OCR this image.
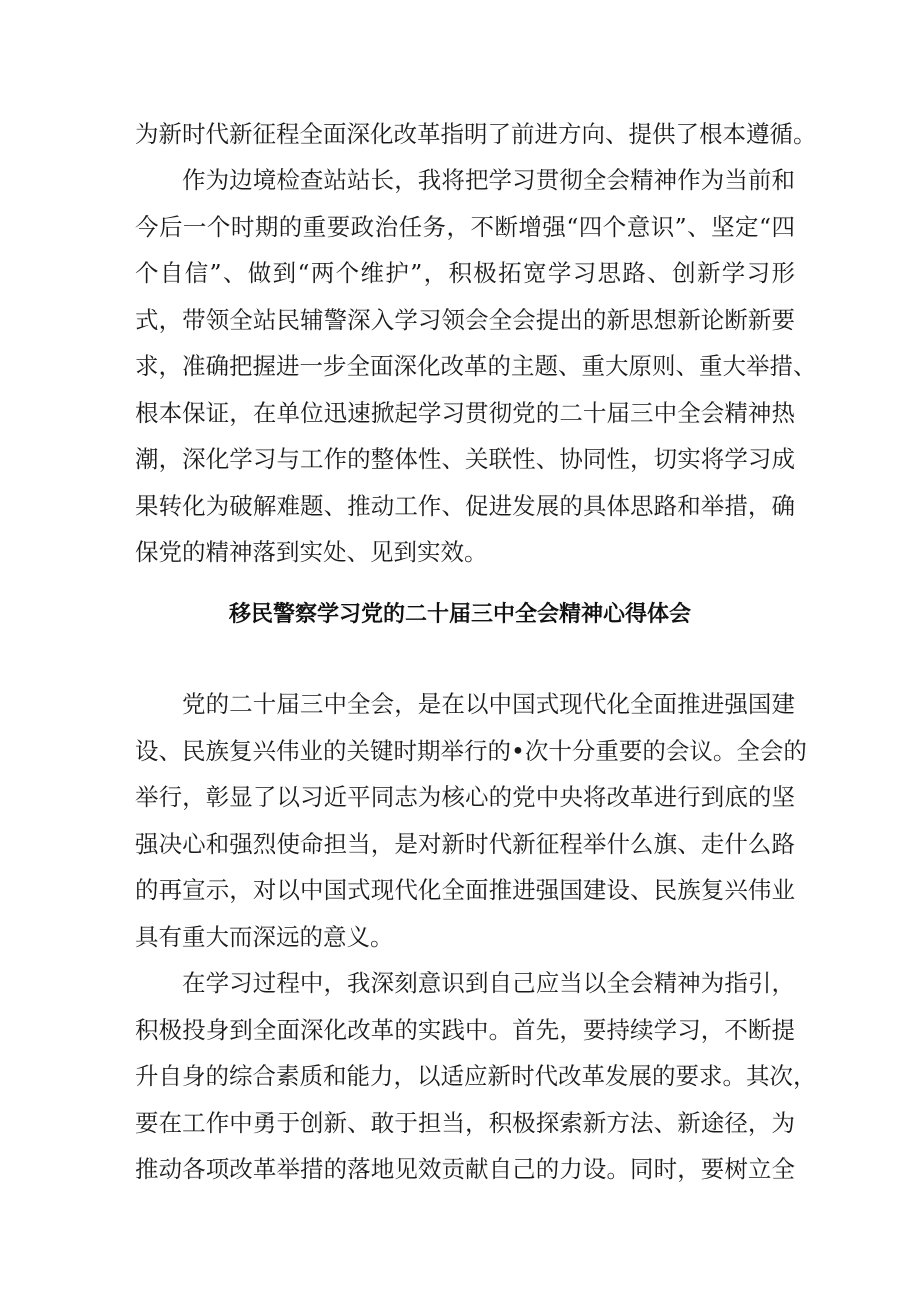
为新时代新征程全面深化改革指明了前进方向、提供了根本遵循。
作为边境检查站站长，我将把学习贯彻全会精神作为当前和
今后一个时期的重要政治任务，不断增强“四个意识”、坚定“四
个自信”、做到“两个维护”，积极拓宽学习思路、创新学习形
式，带领全站民辅警深入学习领会全会提出的新思想新论断新要
求，准确把握进一步全面深化改革的主题、重大原则、重大举措、
根本保证，在单位迅速掀起学习贯彻党的二十届三中全会精神热
潮，深化学习与工作的整体性、关联性、协同性，切实将学习成
果转化为破解难题、推动工作、促进发展的具体思路和举措，确
保党的精神落到实处、见到实效。
移民警察学习党的二十届三中全会精神心得体会
党的二十届三中全会，是在以中国式现代化全面推进强国建
设、民族复兴伟业的关键时期举行的•次十分重要的会议。全会的
举行，彰显了以习近平同志为核心的党中央将改革进行到底的坚
强决心和强烈使命担当，是对新时代新征程举什么旗、走什么路
的再宣示，对以中国式现代化全面推进强国建设、民族复兴伟业
具有重大而深远的意义。
在学习过程中，我深刻意识到自己应当以全会精神为指引，
积极投身到全面深化改革的实践中。首先，要持续学习，不断提
升自身的综合素质和能力，以适应新时代改革发展的要求。其次，
要在工作中勇于创新、敢于担当，积极探索新方法、新途径，为
推动各项改革举措的落地见效贡献自己的力设。同时，要树立全
